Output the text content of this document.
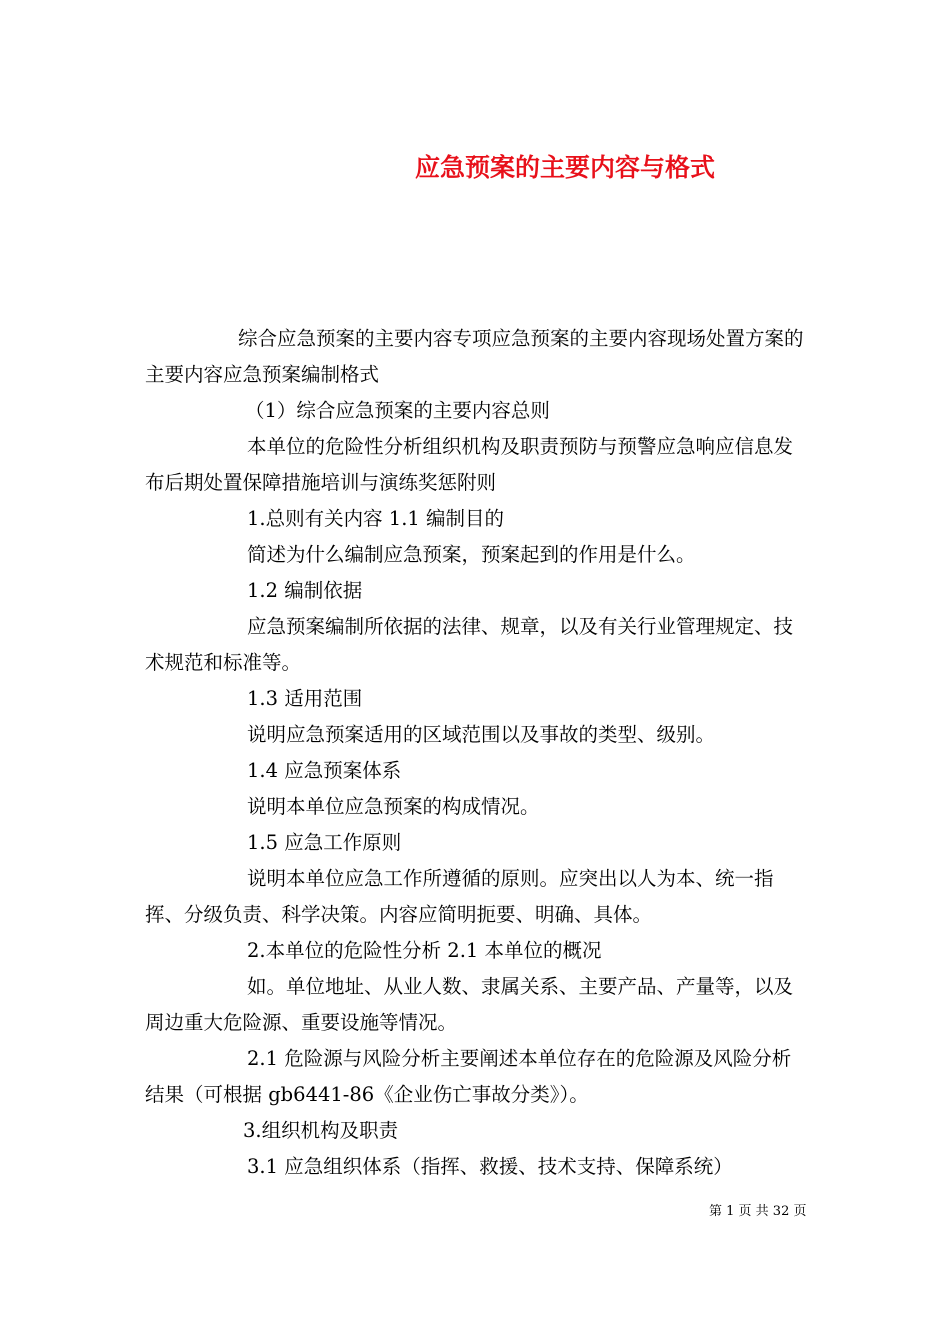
应急预案的主要内容与格式

综合应急预案的主要内容专项应急预案的主要内容现场处置方案的主要内容应急预案编制格式

（1）综合应急预案的主要内容总则

本单位的危险性分析组织机构及职责预防与预警应急响应信息发布后期处置保障措施培训与演练奖惩附则

1.总则有关内容 1.1 编制目的

简述为什么编制应急预案，预案起到的作用是什么。

1.2 编制依据

应急预案编制所依据的法律、规章，以及有关行业管理规定、技术规范和标准等。

1.3 适用范围

说明应急预案适用的区域范围以及事故的类型、级别。

1.4 应急预案体系

说明本单位应急预案的构成情况。

1.5 应急工作原则

说明本单位应急工作所遵循的原则。应突出以人为本、统一指挥、分级负责、科学决策。内容应简明扼要、明确、具体。

2.本单位的危险性分析 2.1 本单位的概况

如。单位地址、从业人数、隶属关系、主要产品、产量等，以及周边重大危险源、重要设施等情况。

2.1 危险源与风险分析主要阐述本单位存在的危险源及风险分析结果（可根据 gb6441-86《企业伤亡事故分类》）。

3.组织机构及职责

3.1 应急组织体系（指挥、救援、技术支持、保障系统）

第 1 页 共 32 页
